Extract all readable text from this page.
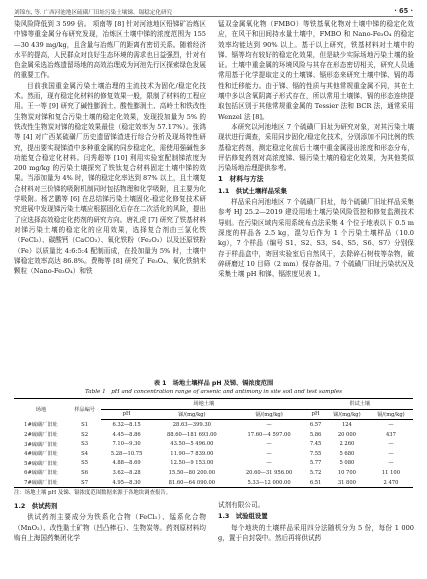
刘锦东, 等. 广西河池地区硫磺厂旧址污染土壤锑、镉稳定化研究	· 65 ·

染风险降低到 3 599 倍。 项南等 [8] 针对河池地区铅锑矿冶炼区中锑等重金属分布研究发现，冶炼区土壤中锑的浓度范围为 155—30 439 mg/kg，且含量与冶炼厂的距离有密切关系。随着经济水平的提高，人民群众对良好生态环境的需求也日益强烈，针对有色金属采选冶炼遗留场地的高效治理成为河池先行区探索绿色发展的重要工作。

目前我国重金属污染土壤治理的主流技术为固化/稳定化技术。然而，现有稳定化材料的修复效果一般，限制了材料的工程应用。王一等 [9] 研究了碱性膨润土、酸性膨润土、高岭土和铁改性生物炭对锑和复合污染土壤的稳定化效果，发现投加量为 5% 的铁改性生物炭对锑的稳定效果最佳（稳定效率为 57.17%）。张鸿等 [4] 对广西某硫磺厂历史遗留锑渣进行综合分析及现场特性研究，提出要实现锑渣中多种重金属的同步稳定化，需使用强碱性多功能复合稳定化材料。闫秀超等 [10] 利用实验室配制锑浓度为 200 mg/kg 的污染土壤探究了铁钛复合材料固定土壤中锑的效果。当添加量为 4% 时，锑的稳定化率达到 87% 以上，且土壤复合材料对三价锑的吸附机制同时包括物理和化学吸附，且主要为化学吸附。杨艺鹏等 [6] 在总结锑污染土壤固化-稳定化修复技术研究进展中发现锑污染土壤应根据固化后存在二次活化的风险，提出了应选择高效稳定化药剂的研究方向。唐礼虎 [7] 研究了铁基材料对锑污染土壤的稳定化的应用效果，选择复合剂由三氯化铁（FeCl₃）、碳酸钙（CaCO₃）、氧化铁粉（Fe₂O₃）以及还原铁粉（Fe）以质量比 4:6:5:4 配制而成，在投加量为 5% 时，土壤中锑稳定效率高达 86.8%。费梅等 [8] 研究了 Fe₃O₄、氧化铁纳米颗粒（Nano-Fe₃O₄）和铁

锰双金属氧化物（FMBO）等铁基氧化物对土壤中锑的稳定化效应，在风干和田间持水量土壤中，FMBO 和 Nano-Fe₃O₄ 的稳定效率均能达到 90% 以上。基于以上研究，铁基材料对土壤中的锑、镉等均有较好的稳定化效果，但是缺少实际场地污染土壤的验证。土壤中重金属的环境风险与其存在形态密切相关，研究人员通常用基于化学提取定义的土壤锑、镉形态来研究土壤中锑、镉的毒性和迁移能力。由于锑、镉的性质与其他常规重金属不同，其在土壤中多以含氧阴离子形式存在，所以常用土壤锑、镉的形态连续提取包括区别于其他常规重金属的 Tessier 法和 BCR 法，通常采用 Wenzel 法 [8]。

本研究以河池地区 7 个硫磺厂旧址为研究对象，对其污染土壤现状进行调查，采用同步固化/稳定化技术，分别添加不同比例的铁基稳定药剂，测定稳定化前后土壤中重金属浸出浓度和形态分布，评估修复药剂对高浓度锑、镉污染土壤的稳定化效果，为其他类似污染场地治理提供参考。

1　材料与方法
1.1　供试土壤样品采集

样品采自河池地区 7 个硫磺厂旧址，每个硫磺厂旧址样品采集参考 HJ 25.2—2019 建设用地土壤污染风险管控和修复监测技术导则。在污染区域内采用系统布点法采集 4 个位于地表以下 0.5 m 深度的样品各 2.5 kg，混匀后作为 1 个污染土壤样品（10.0 kg），7 个样品（编号 S1、S2、S3、S4、S5、S6、S7）分别保存于样品盒中，寄回实验室后自然风干，去除碎石树枝等杂物，破碎研磨过 10 目筛（2 mm）保存备用。7 个硫磺厂旧址污染状况及采集土壤 pH 和锑、镉浓度见表 1。

表 1　场地土壤样品 pH 及锑、镉浓度范围
Table 1　pH and concentration range of arsenic and antimony in site soil and test samples
场地	样品编号	场地土壤			供试土壤		
		pH	锑/(mg/kg)	镉/(mg/kg)	pH	锑/(mg/kg)	镉/(mg/kg)
1#硫磺厂旧址	S1	6.32—8.15	28.63—399.30	—	6.57	124	—
2#硫磺厂旧址	S2	4.45—8.86	88.60—181 693.00	17.60—4 597.00	5.86	20 000	437
3#硫磺厂旧址	S3	7.10—9.30	43.50—5 496.00	—	7.45	2 260	—
4#硫磺厂旧址	S4	5.28—10.75	11.90—7 839.00	—	7.55	5 680	—
5#硫磺厂旧址	S5	4.88—8.69	12.50—9 153.00	—	5.77	5 080	—
6#硫磺厂旧址	S6	3.62—8.28	15.50—80 200.00	20.60—31 956.00	5.72	10 700	11 100
7#硫磺厂旧址	S7	4.95—8.30	81.60—64 090.00	5.33—12 000.00	6.51	31 800	2 470
注：场地土壤 pH 及锑、镉浓度范围数据来源于各地块调查报告。
1.2　供试药剂

供试药剂主要成分为铁系化合物（FeCl₃）、锰系化合物（MnO₂）、改性黏土矿物（凹凸棒石）、生物炭等。药剂原材料均购自上海国药集团化学

试剂有限公司。

1.3　试验组设置

每个地块的土壤样品采用四分法随机分为 5 份，每份 1 000 g，置于自封袋中。然后再将供试药
